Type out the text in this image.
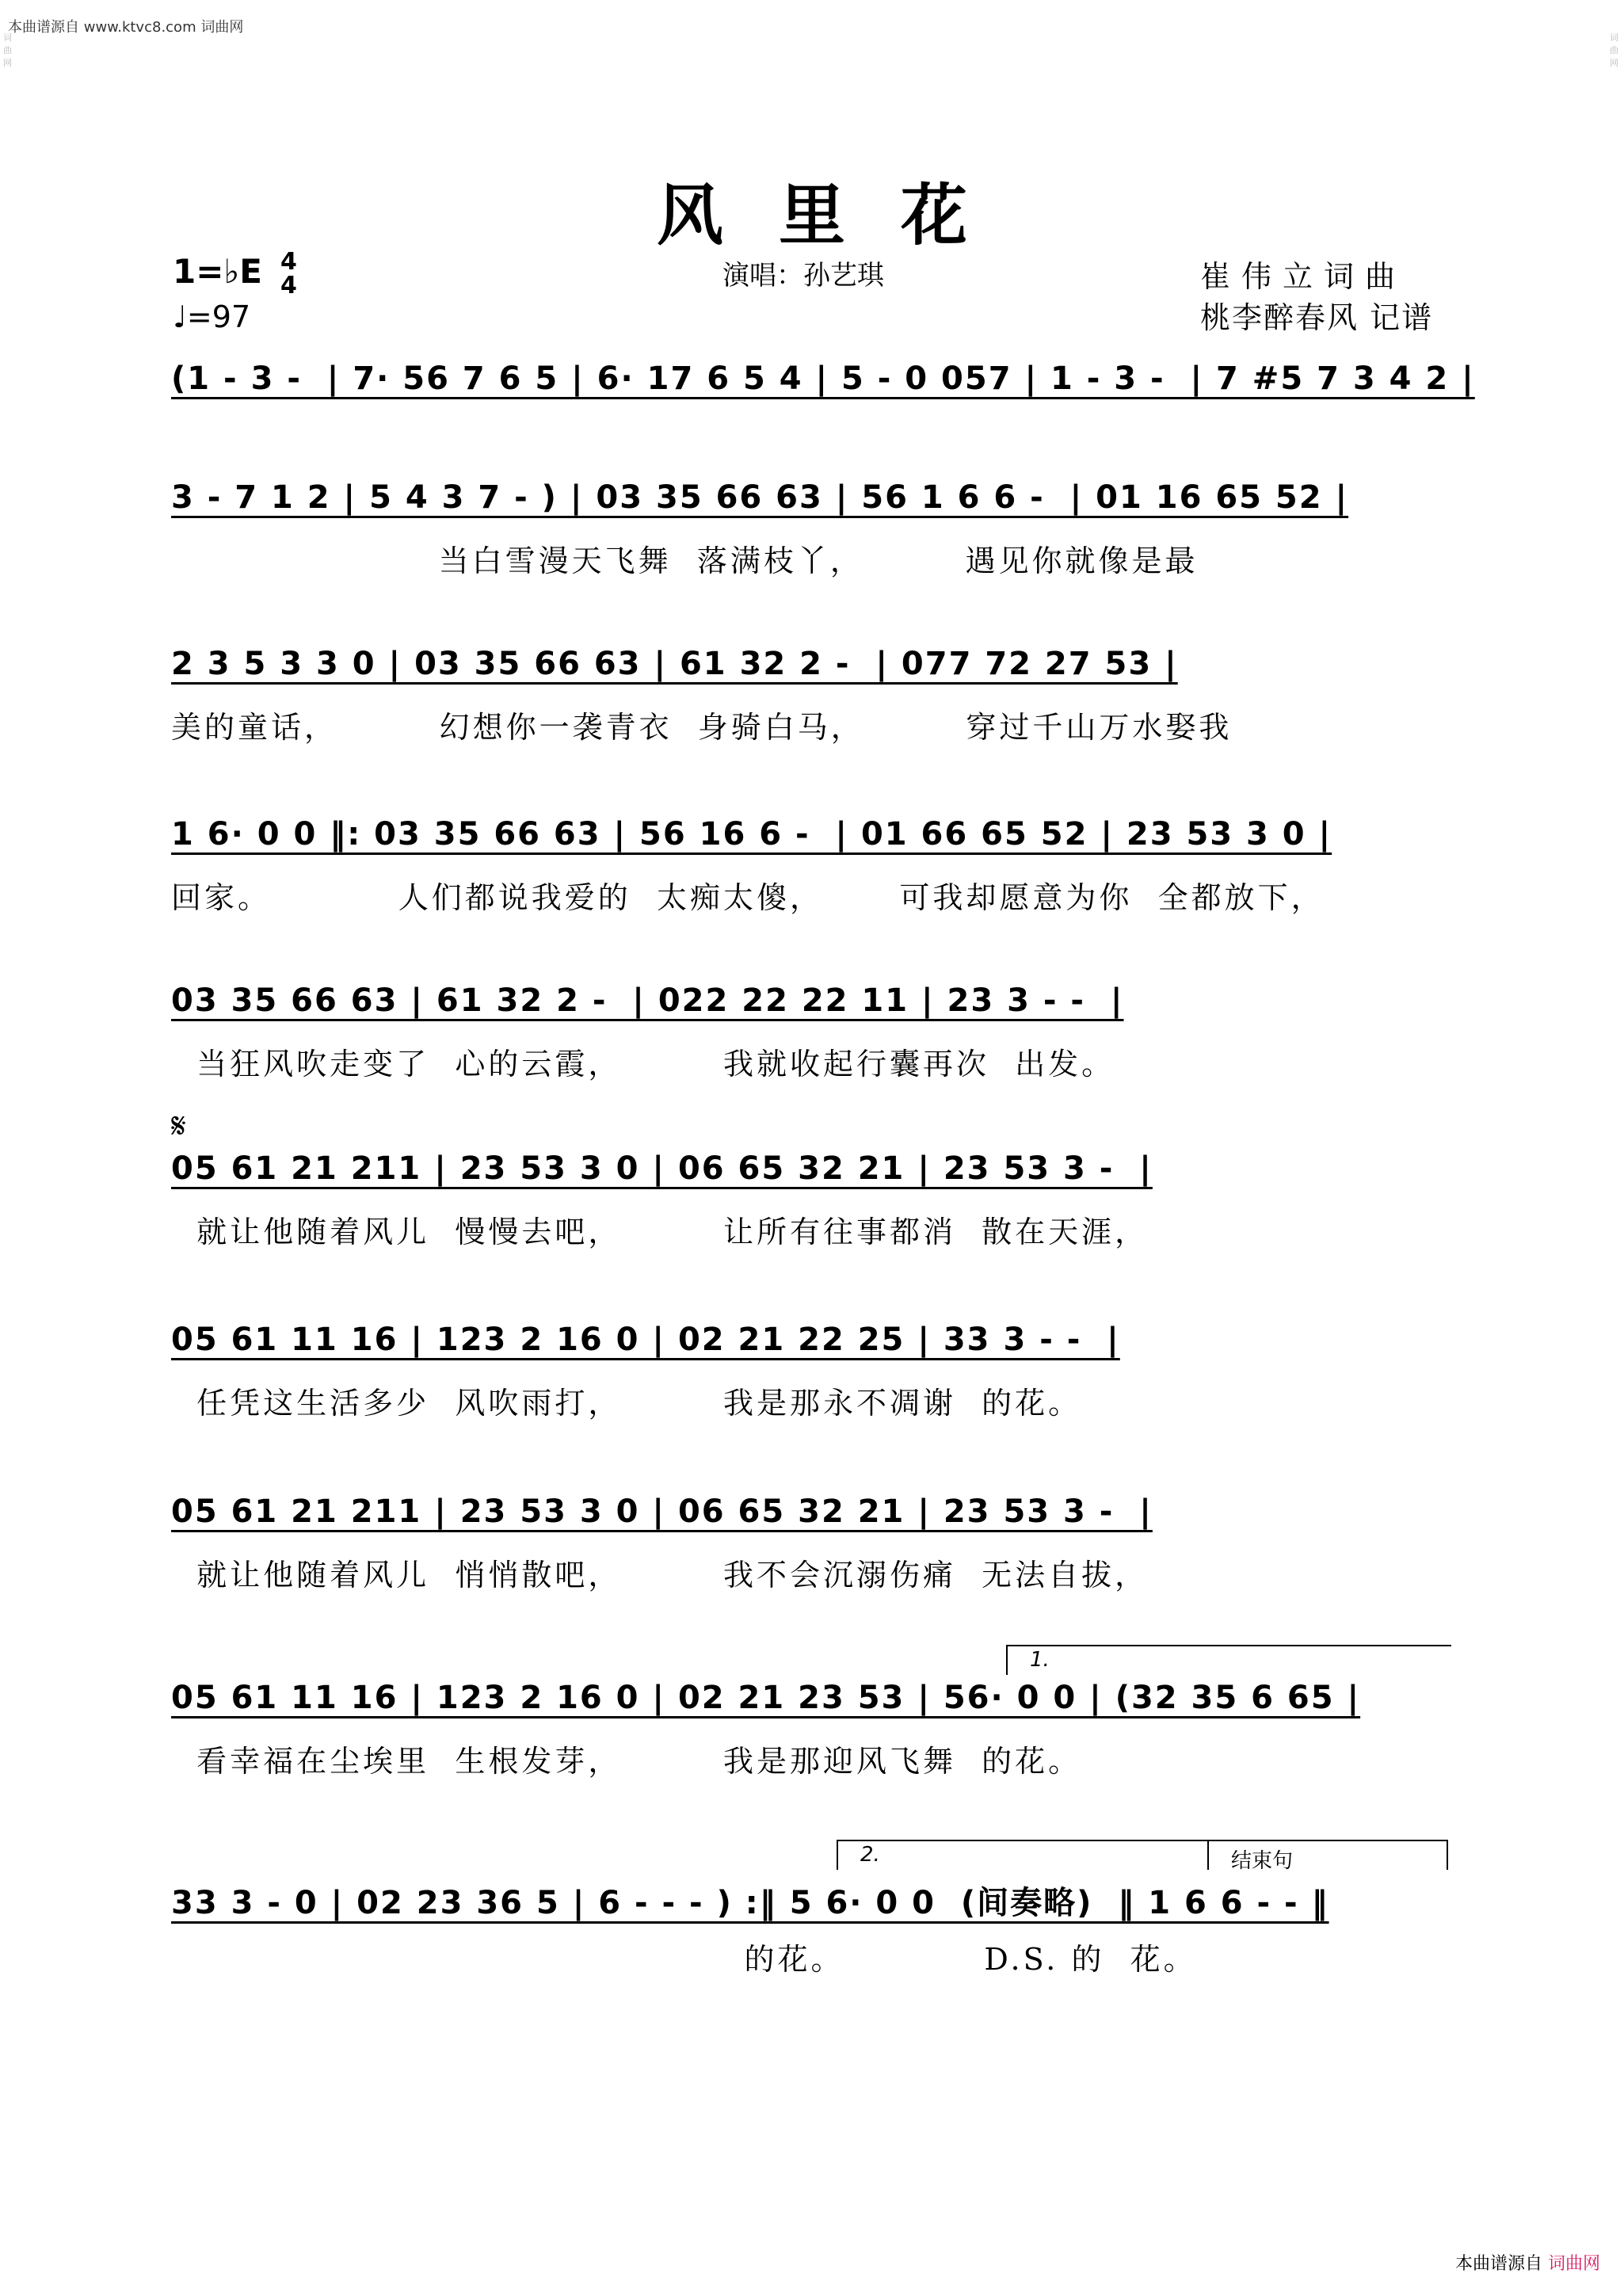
本曲谱源自 www.ktvc8.com 词曲网
词 曲 网
词 曲 网
风里花
1=♭E 4
4
♩=97
演唱：孙艺琪	崔伟立词曲
桃李醉春风 记谱
𝄋
1.
2.	结束句
(1 - 3 -  | 7· 56 7 6 5 | 6· 17 6 5 4 | 5 - 0 057 | 1 - 3 -  | 7 #5 7 3 4 2 |
3 - 7 1 2 | 5 4 3 7 - ) | 03 35 66 63 | 56 1 6 6 -  | 01 16 65 52 |
当白雪漫天飞舞  落满枝丫，        遇见你就像是最
2 3 5 3 3 0 | 03 35 66 63 | 61 32 2 -  | 077 72 27 53 |
美的童话，        幻想你一袭青衣  身骑白马，        穿过千山万水娶我
1 6· 0 0 ‖: 03 35 66 63 | 56 16 6 -  | 01 66 65 52 | 23 53 3 0 |
回家。          人们都说我爱的  太痴太傻，      可我却愿意为你  全都放下，
03 35 66 63 | 61 32 2 -  | 022 22 22 11 | 23 3 - -  |
当狂风吹走变了  心的云霞，        我就收起行囊再次  出发。
05 61 21 211 | 23 53 3 0 | 06 65 32 21 | 23 53 3 -  |
就让他随着风儿  慢慢去吧，        让所有往事都消  散在天涯，
05 61 11 16 | 123 2 16 0 | 02 21 22 25 | 33 3 - -  |
任凭这生活多少  风吹雨打，        我是那永不凋谢  的花。
05 61 21 211 | 23 53 3 0 | 06 65 32 21 | 23 53 3 -  |
就让他随着风儿  悄悄散吧，        我不会沉溺伤痛  无法自拔，
05 61 11 16 | 123 2 16 0 | 02 21 23 53 | 56· 0 0 | (32 35 6 65 |
看幸福在尘埃里  生根发芽，        我是那迎风飞舞  的花。
33 3 - 0 | 02 23 36 5 | 6 - - - ) :‖ 5 6· 0 0  (间奏略)  ‖ 1 6 6 - - ‖
的花。           D.S. 的  花。
本曲谱源自 词曲网
